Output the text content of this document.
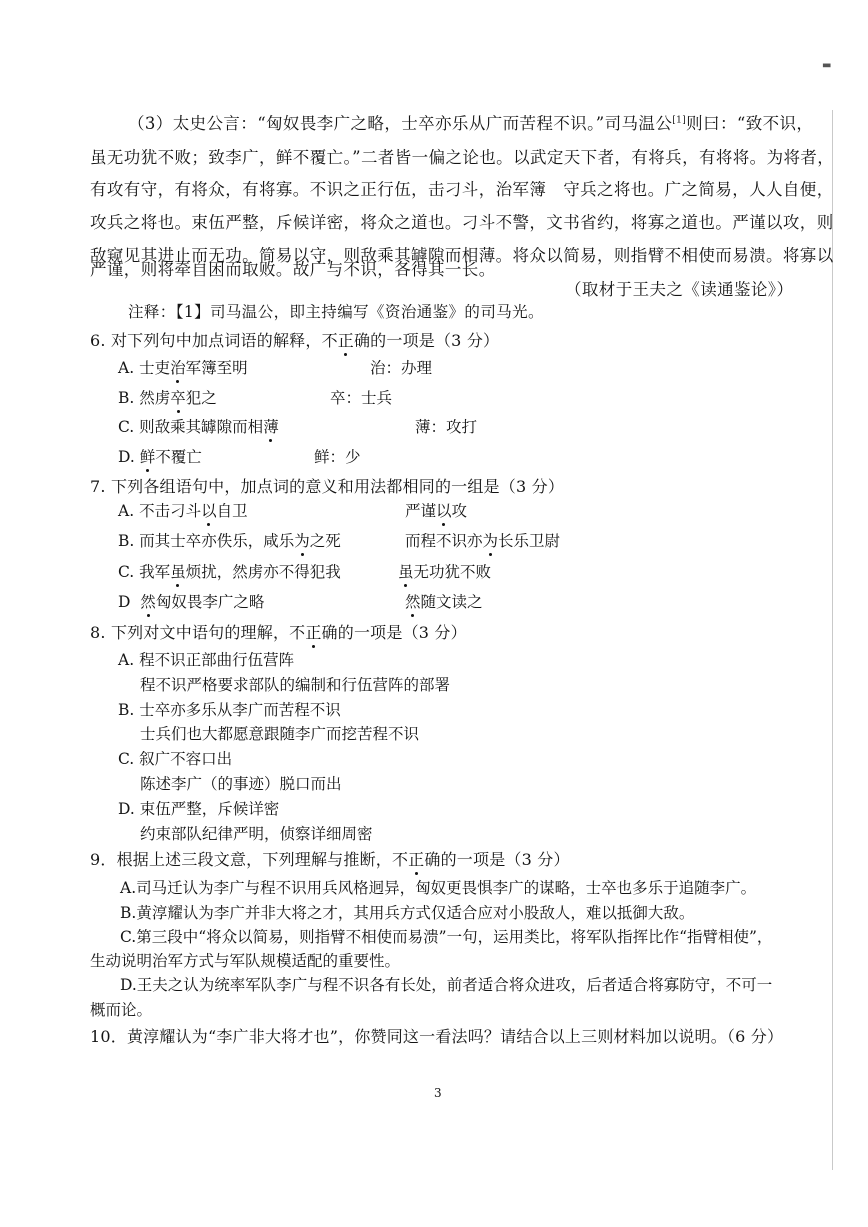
▬
（3）太史公言：“匈奴畏李广之略，士卒亦乐从广而苦程不识。”司马温公[1]则曰：“致不识，
虽无功犹不败；致李广，鲜不覆亡。”二者皆一偏之论也。以武定天下者，有将兵，有将将。为将者，
有攻有守，有将众，有将寡。不识之正行伍，击刁斗，治军簿　守兵之将也。广之简易，人人自便，
攻兵之将也。束伍严整，斥候详密，将众之道也。刁斗不警，文书省约，将寡之道也。严谨以攻，则
敌窥见其进止而无功。简易以守，则敌乘其罅隙而相薄。将众以简易，则指臂不相使而易溃。将寡以
严谨，则将牵自困而取败。故广与不识，各得其一长。
（取材于王夫之《读通鉴论》）
注释：【1】司马温公，即主持编写《资治通鉴》的司马光。
6. 对下列句中加点词语的解释，不正确的一项是（3 分）
A. 士吏治军簿至明	治：办理
B. 然虏卒犯之	卒：士兵
C. 则敌乘其罅隙而相薄	薄：攻打
D. 鲜不覆亡	鲜：少
7. 下列各组语句中，加点词的意义和用法都相同的一组是（3 分）
A. 不击刁斗以自卫	严谨以攻
B. 而其士卒亦佚乐，咸乐为之死	而程不识亦为长乐卫尉
C. 我军虽烦扰，然虏亦不得犯我	虽无功犹不败
D 然匈奴畏李广之略	然随文读之
8. 下列对文中语句的理解，不正确的一项是（3 分）
A. 程不识正部曲行伍营阵
程不识严格要求部队的编制和行伍营阵的部署
B. 士卒亦多乐从李广而苦程不识
士兵们也大都愿意跟随李广而挖苦程不识
C. 叙广不容口出
陈述李广（的事迹）脱口而出
D. 束伍严整，斥候详密
约束部队纪律严明，侦察详细周密
9．根据上述三段文意，下列理解与推断，不正确的一项是（3 分）
A.司马迁认为李广与程不识用兵风格迥异，匈奴更畏惧李广的谋略，士卒也多乐于追随李广。
B.黄淳耀认为李广并非大将之才，其用兵方式仅适合应对小股敌人，难以抵御大敌。
C.第三段中“将众以简易，则指臂不相使而易溃”一句，运用类比，将军队指挥比作“指臂相使”，
生动说明治军方式与军队规模适配的重要性。
D.王夫之认为统率军队李广与程不识各有长处，前者适合将众进攻，后者适合将寡防守，不可一
概而论。
10．黄淳耀认为“李广非大将才也”，你赞同这一看法吗？请结合以上三则材料加以说明。（6 分）
3
